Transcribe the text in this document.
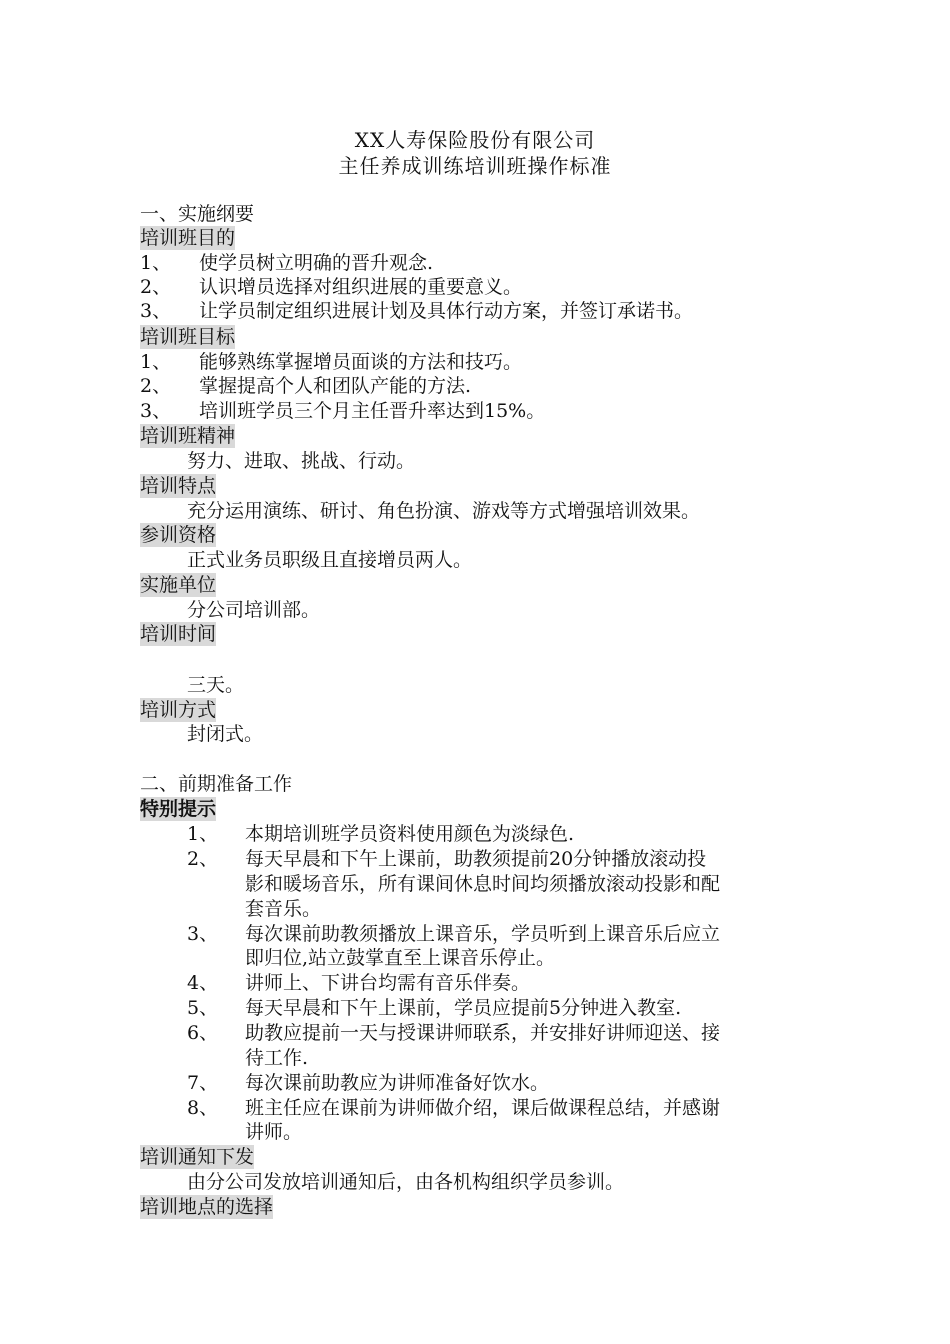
XX人寿保险股份有限公司
主任养成训练培训班操作标准
一、实施纲要
培训班目的
1、 使学员树立明确的晋升观念.
2、 认识增员选择对组织进展的重要意义。
3、 让学员制定组织进展计划及具体行动方案，并签订承诺书。
培训班目标
1、 能够熟练掌握增员面谈的方法和技巧。
2、 掌握提高个人和团队产能的方法.
3、 培训班学员三个月主任晋升率达到15%。
培训班精神
努力、进取、挑战、行动。
培训特点
充分运用演练、研讨、角色扮演、游戏等方式增强培训效果。
参训资格
正式业务员职级且直接增员两人。
实施单位
分公司培训部。
培训时间
三天。
培训方式
封闭式。
二、前期准备工作
特别提示
1、 本期培训班学员资料使用颜色为淡绿色.
2、 每天早晨和下午上课前，助教须提前20分钟播放滚动投
影和暖场音乐，所有课间休息时间均须播放滚动投影和配
套音乐。
3、 每次课前助教须播放上课音乐，学员听到上课音乐后应立
即归位,站立鼓掌直至上课音乐停止。
4、 讲师上、下讲台均需有音乐伴奏。
5、 每天早晨和下午上课前，学员应提前5分钟进入教室.
6、 助教应提前一天与授课讲师联系，并安排好讲师迎送、接
待工作.
7、 每次课前助教应为讲师准备好饮水。
8、 班主任应在课前为讲师做介绍，课后做课程总结，并感谢
讲师。
培训通知下发
由分公司发放培训通知后，由各机构组织学员参训。
培训地点的选择
